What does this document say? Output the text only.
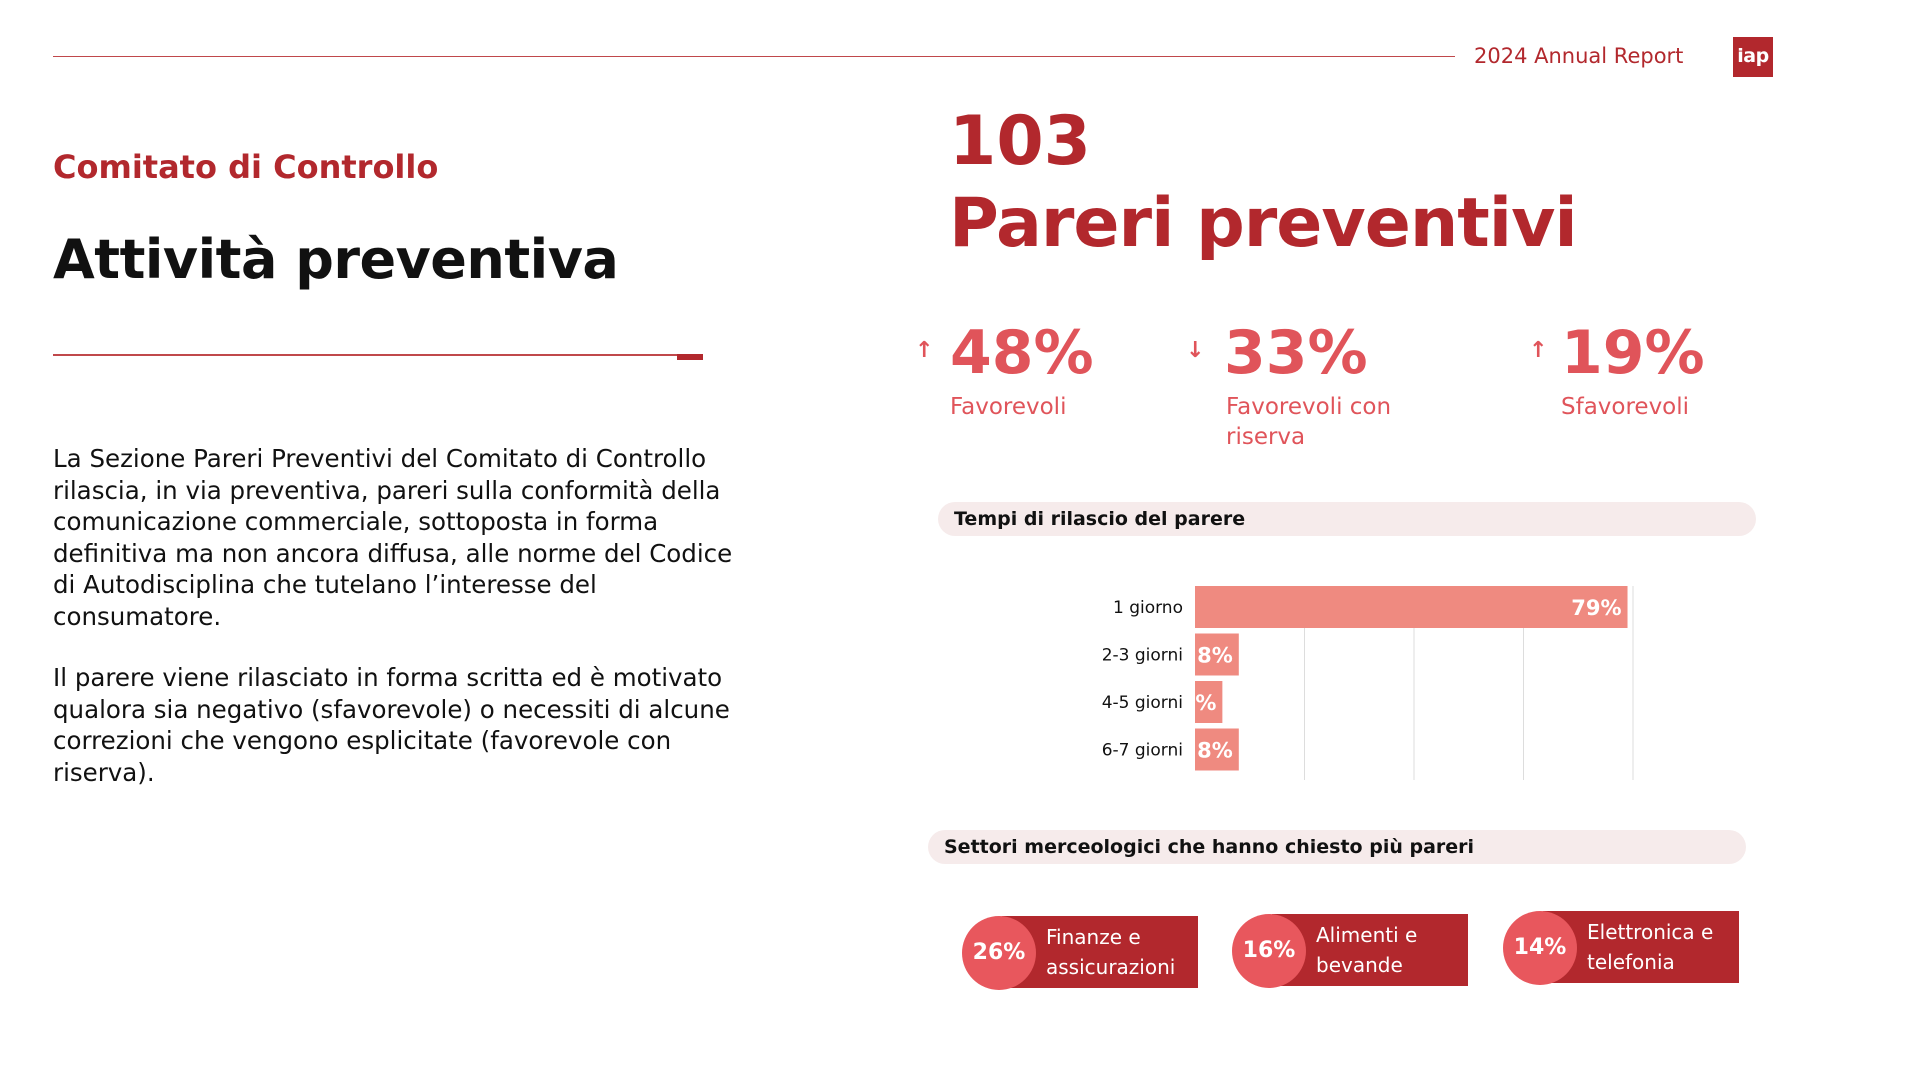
2024 Annual Report	iap
Comitato di Controllo
Attività preventiva

La Sezione Pareri Preventivi del Comitato di Controllo rilascia, in via preventiva, pareri sulla conformità della comunicazione commerciale, sottoposta in forma definitiva ma non ancora diffusa, alle norme del Codice di Autodisciplina che tutelano l’interesse del consumatore.

Il parere viene rilasciato in forma scritta ed è motivato qualora sia negativo (sfavorevole) o necessiti di alcune correzioni che vengono esplicitate (favorevole con riserva).

103
Pareri preventivi
↑ 48%
Favorevoli
↓ 33%
Favorevoli con riserva
↑ 19%
Sfavorevoli
Tempi di rilascio del parere
1 giorno	79%
2-3 giorni 8%
4-5 giorni
5%
6-7 giorni 8%
Settori merceologici che hanno chiesto più pareri
26%
Finanze e assicurazioni
16%
Alimenti e bevande
14%
Elettronica e telefonia
